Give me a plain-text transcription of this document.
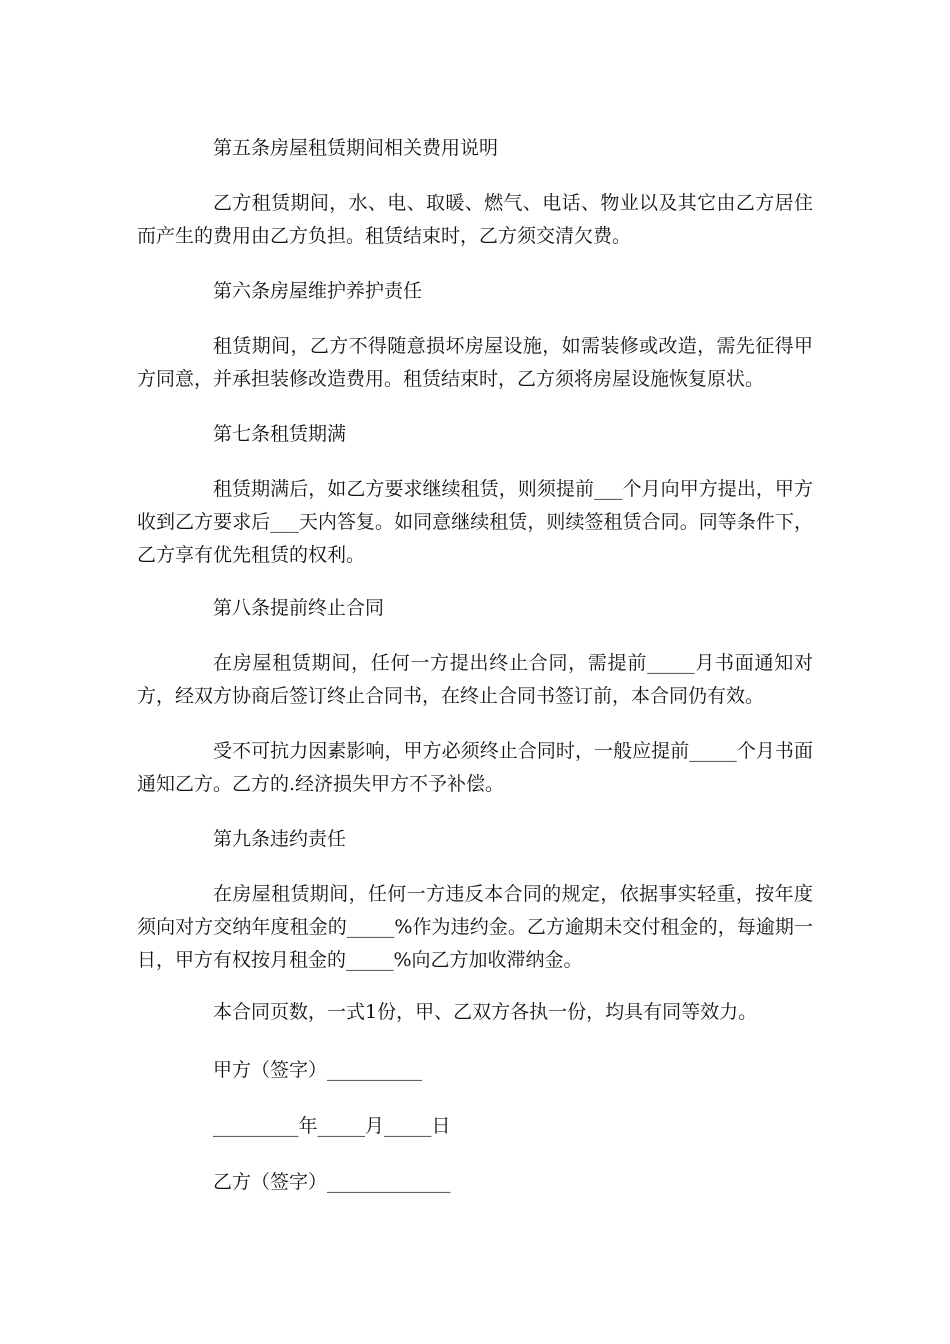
第五条房屋租赁期间相关费用说明

乙方租赁期间，水、电、取暖、燃气、电话、物业以及其它由乙方居住而产生的费用由乙方负担。租赁结束时，乙方须交清欠费。

第六条房屋维护养护责任

租赁期间，乙方不得随意损坏房屋设施，如需装修或改造，需先征得甲方同意，并承担装修改造费用。租赁结束时，乙方须将房屋设施恢复原状。

第七条租赁期满

租赁期满后，如乙方要求继续租赁，则须提前___个月向甲方提出，甲方收到乙方要求后___天内答复。如同意继续租赁，则续签租赁合同。同等条件下，乙方享有优先租赁的权利。

第八条提前终止合同

在房屋租赁期间，任何一方提出终止合同，需提前_____月书面通知对方，经双方协商后签订终止合同书，在终止合同书签订前，本合同仍有效。

受不可抗力因素影响，甲方必须终止合同时，一般应提前_____个月书面通知乙方。乙方的.经济损失甲方不予补偿。

第九条违约责任

在房屋租赁期间，任何一方违反本合同的规定，依据事实轻重，按年度须向对方交纳年度租金的_____%作为违约金。乙方逾期未交付租金的，每逾期一日，甲方有权按月租金的_____%向乙方加收滞纳金。

本合同页数，一式1份，甲、乙双方各执一份，均具有同等效力。

甲方（签字）__________

_________年_____月_____日

乙方（签字）_____________
